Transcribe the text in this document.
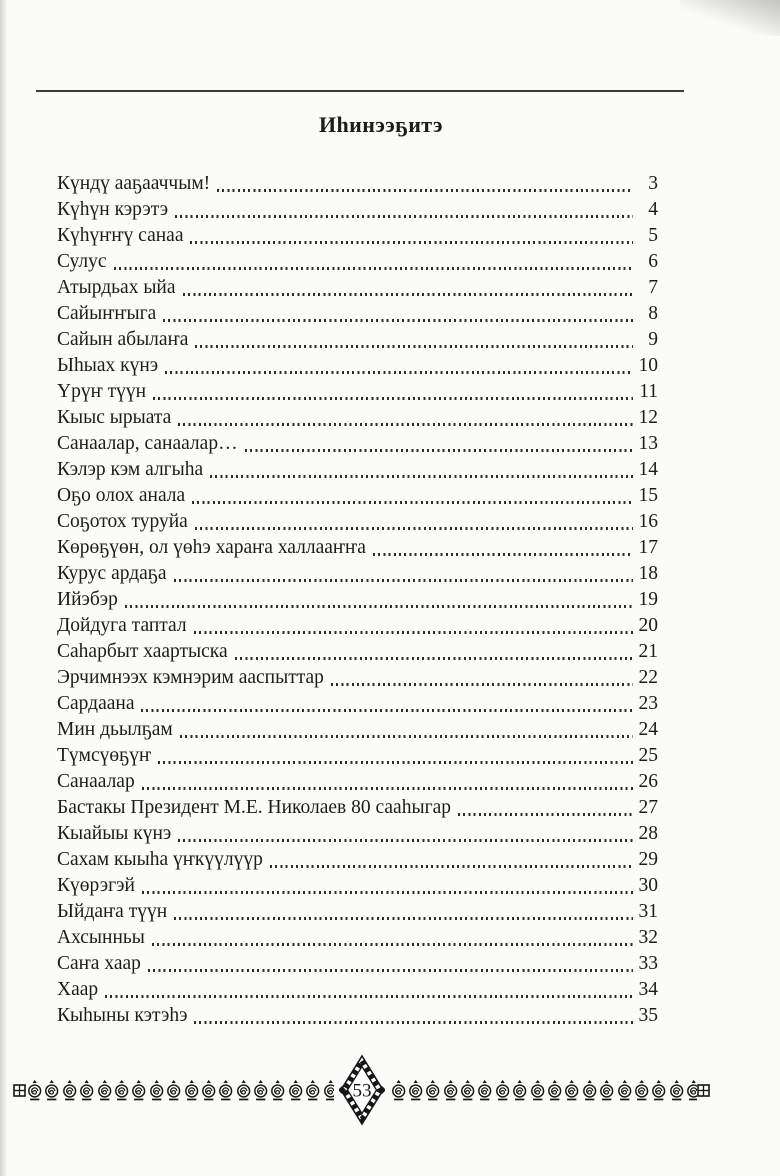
Иһинээҕитэ
Күндү ааҕааччым!	3
Күһүн кэрэтэ	4
Күһүҥҥү санаа	5
Сулус	6
Атырдьах ыйа	7
Сайыҥҥыга	8
Сайын абылаҥа	9
Ыһыах күнэ	10
Үрүҥ түүн	11
Кыыс ырыата	12
Санаалар, санаалар…	13
Кэлэр кэм алгыһа	14
Оҕо олох анала	15
Соҕотох туруйа	16
Көрөҕүөн, ол үөһэ хараҥа халлааҥҥа	17
Курус ардаҕа	18
Ийэбэр	19
Дойдуга таптал	20
Саһарбыт хаартыска	21
Эрчимнээх кэмнэрим ааспыттар	22
Сардаана	23
Мин дьылҕам	24
Түмсүөҕүҥ	25
Санаалар	26
Бастакы Президент М.Е. Николаев 80 сааһыгар	27
Кыайыы күнэ	28
Сахам кыыһа үҥкүүлүүр	29
Күөрэгэй	30
Ыйдаҥа түүн	31
Ахсынньы	32
Саҥа хаар	33
Хаар	34
Кыһыны кэтэһэ	35
53
